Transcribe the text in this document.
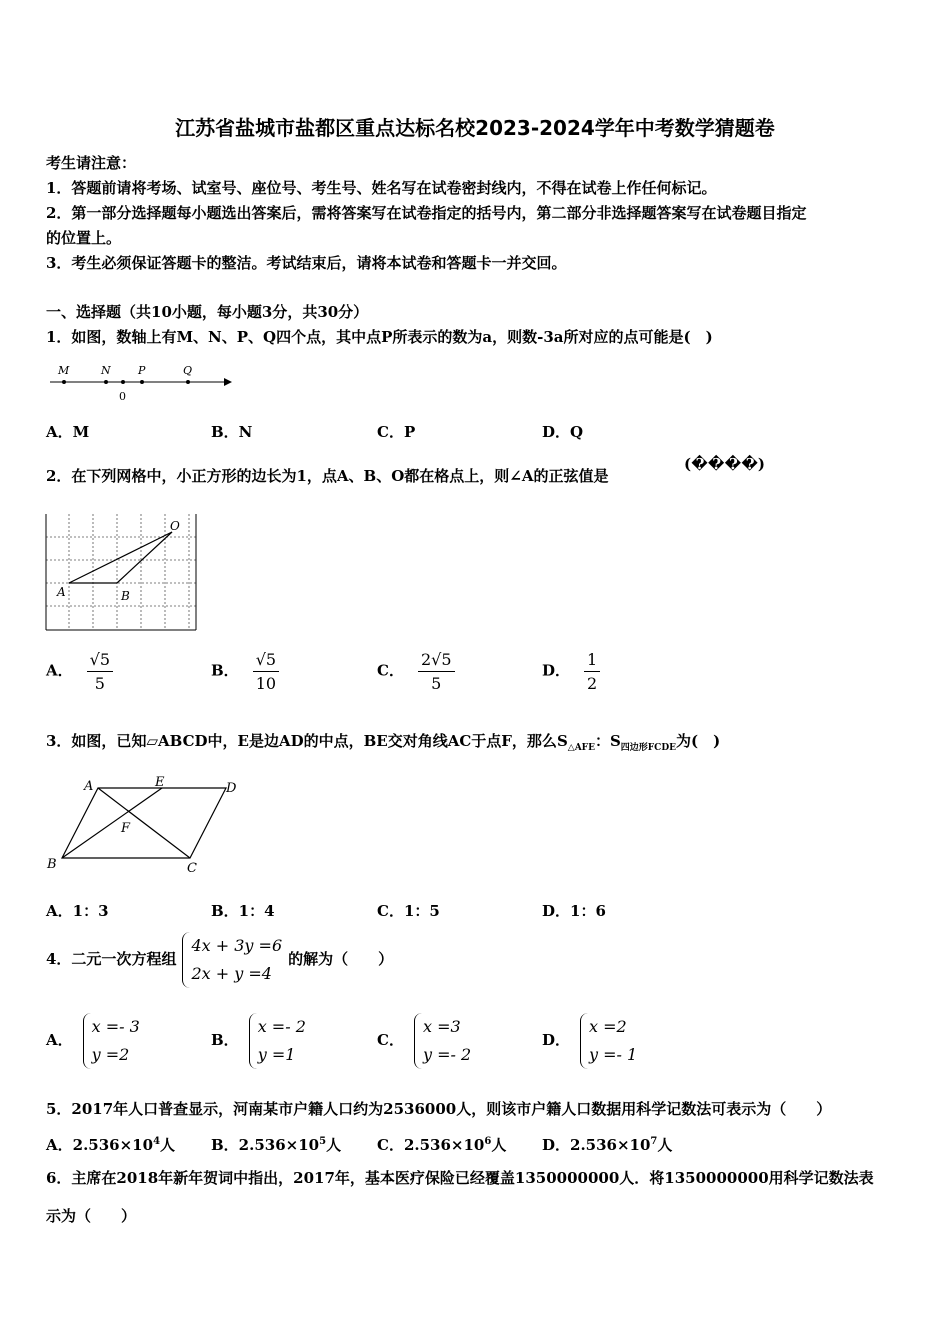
江苏省盐城市盐都区重点达标名校2023-2024学年中考数学猜题卷
考生请注意：
1．答题前请将考场、试室号、座位号、考生号、姓名写在试卷密封线内，不得在试卷上作任何标记。
2．第一部分选择题每小题选出答案后，需将答案写在试卷指定的括号内，第二部分非选择题答案写在试卷题目指定
的位置上。
3．考生必须保证答题卡的整洁。考试结束后，请将本试卷和答题卡一并交回。
一、选择题（共10小题，每小题3分，共30分）
1．如图，数轴上有M、N、P、Q四个点，其中点P所表示的数为a，则数-3a所对应的点可能是(　)
M	N P	Q
0
A．M	B．N	C．P	D．Q
2．在下列网格中，小正方形的边长为1，点A、B、O都在格点上，则∠A的正弦值是
(����)
A	B
O
A． $\frac{√5}{5}$	B． $\frac{√5}{10}$	C． $\frac{2√5}{5}$	D． $\frac{1}{2}$
3．如图，已知▱ABCD中，E是边AD的中点，BE交对角线AC于点F，那么$S_{\triangle AFE}$：$S_{四边形FCDE}$为(　)
A	E	D
F
B	C
A．1：3	B．1：4	C．1：5	D．1：6
4．二元一次方程组
4x + 3y =6
2x + y =4
的解为（　　）
A．
x =- 3
y =2
B．
x =- 2
y =1
C．
x =3
y =- 2
D．
x =2
y =- 1
5．2017年人口普查显示，河南某市户籍人口约为2536000人，则该市户籍人口数据用科学记数法可表示为（　　）
A．$2.536\times 10^4$人 B．$2.536\times 10^5$人 C．$2.536\times 10^6$人 D．$2.536\times 10^7$人
6．主席在2018年新年贺词中指出，2017年，基本医疗保险已经覆盖1350000000人．将1350000000用科学记数法表
示为（　　）
